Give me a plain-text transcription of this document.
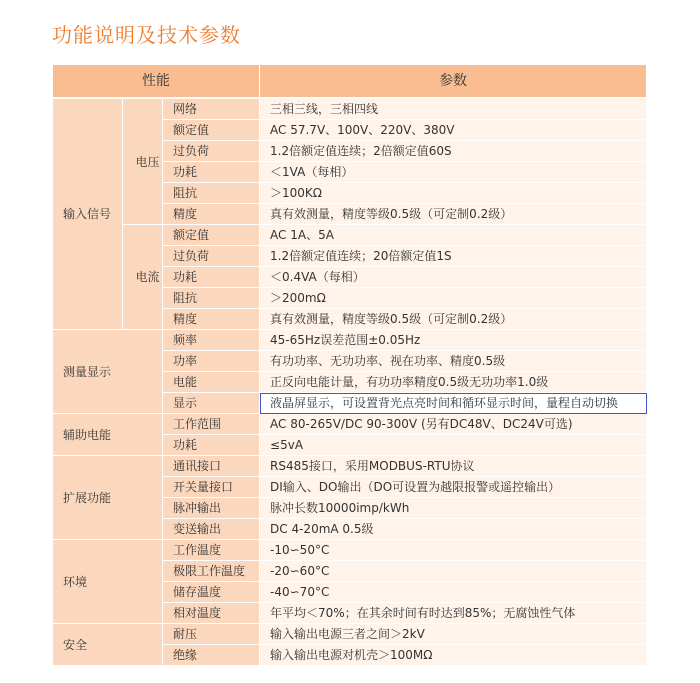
功能说明及技术参数
性能			参数
输入信号	电压	网络	三相三线，三相四线
		额定值	AC 57.7V、100V、220V、380V
		过负荷	1.2倍额定值连续；2倍额定值60S
		功耗	＜1VA（每相）
		阻抗	＞100KΩ
		精度	真有效测量，精度等级0.5级（可定制0.2级）
	电流	额定值	AC 1A、5A
		过负荷	1.2倍额定值连续；20倍额定值1S
		功耗	＜0.4VA（每相）
		阻抗	＞200mΩ
		精度	真有效测量，精度等级0.5级（可定制0.2级）
测量显示		频率	45-65Hz误差范围±0.05Hz
		功率	有功功率、无功功率、视在功率、精度0.5级
		电能	正反向电能计量，有功功率精度0.5级无功功率1.0级
		显示	液晶屏显示，可设置背光点亮时间和循环显示时间，量程自动切换
辅助电能		工作范围	AC 80-265V/DC 90-300V (另有DC48V、DC24V可选)
		功耗	≤5vA
扩展功能		通讯接口	RS485接口，采用MODBUS-RTU协议
		开关量接口	DI输入、DO输出（DO可设置为越限报警或遥控输出）
		脉冲输出	脉冲长数10000imp/kWh
		变送输出	DC 4-20mA 0.5级
环境		工作温度	-10∽50°C
		极限工作温度	-20∽60°C
		储存温度	-40∽70°C
		相对温度	年平均＜70%；在其余时间有时达到85%；无腐蚀性气体
安全		耐压	输入输出电源三者之间＞2kV
		绝缘	输入输出电源对机壳＞100MΩ
